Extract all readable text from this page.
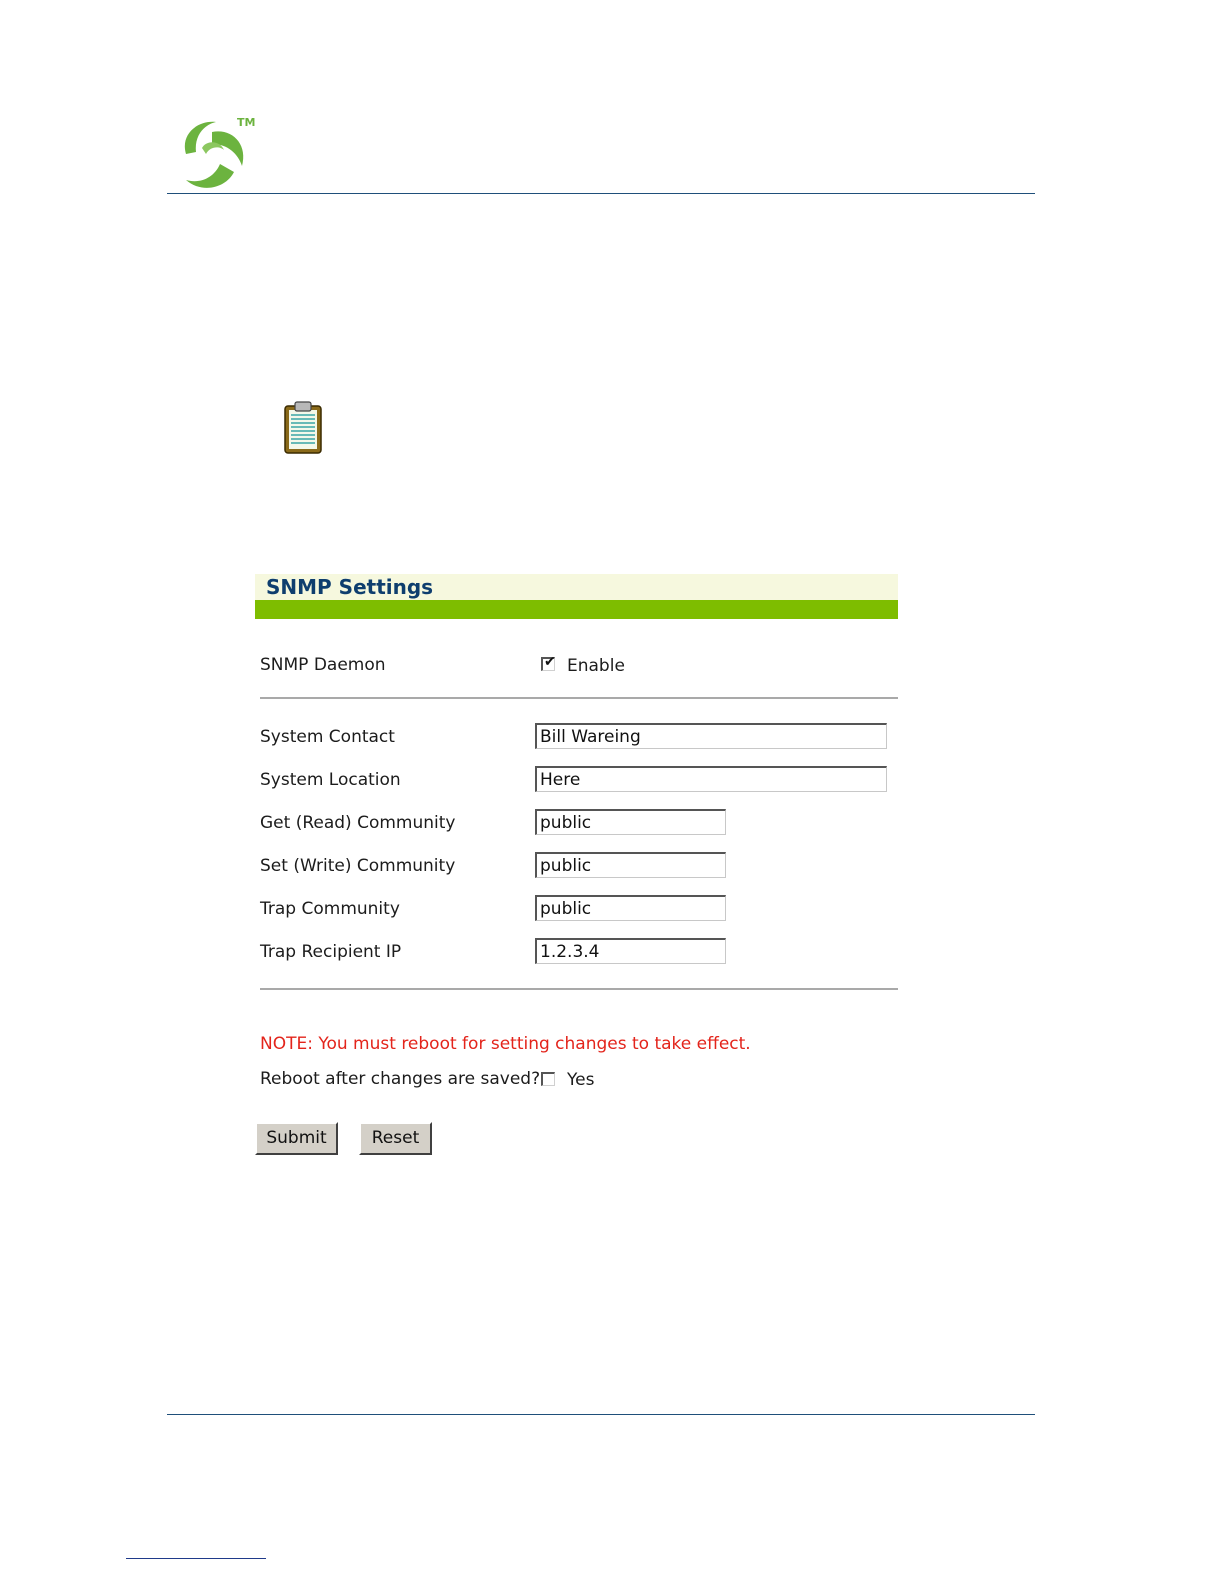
TM
SNMP Settings
SNMP Daemon	✔ Enable
System Contact	Bill Wareing
System Location	Here
Get (Read) Community	public
Set (Write) Community	public
Trap Community	public
Trap Recipient IP	1.2.3.4
NOTE: You must reboot for setting changes to take effect.
Reboot after changes are saved? Yes
Submit	Reset
